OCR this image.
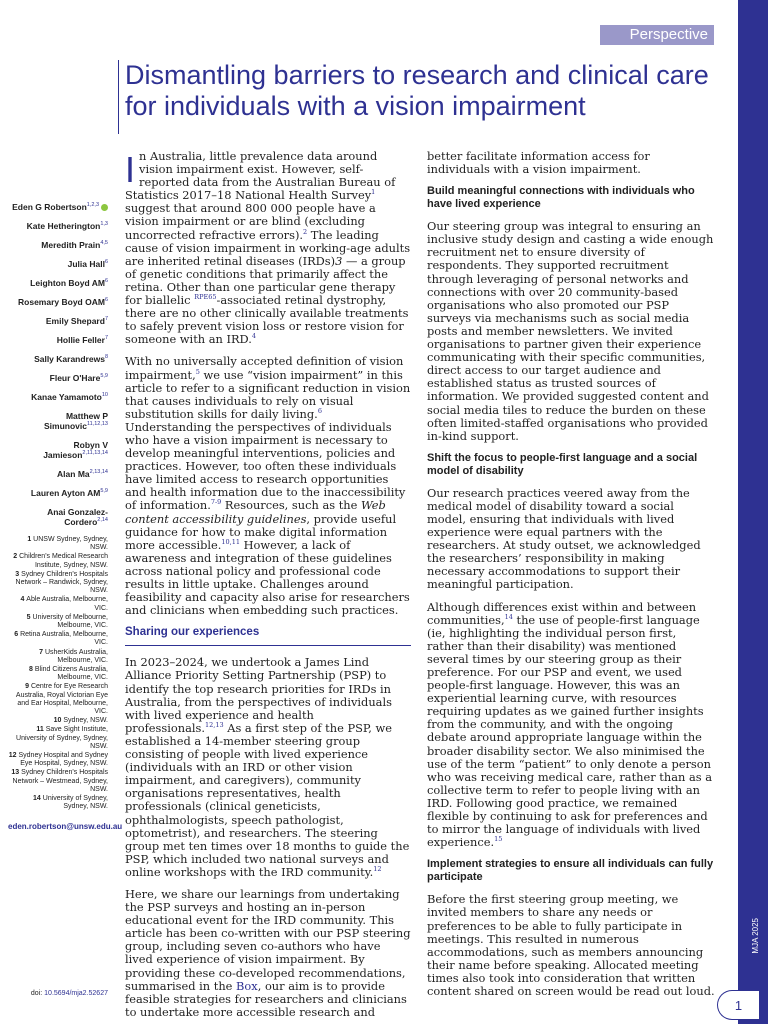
MJA 2025
Perspective
1
Dismantling barriers to research and clinical care for individuals with a vision impairment
Eden G Robertson$^{1,2,3}$
Kate Hetherington$^{1,3}$
Meredith Prain$^{4,5}$
Julia Hall$^6$
Leighton Boyd $AM^6$
Rosemary Boyd OAM$^6$
Emily Shepard$^7$
Hollie Feller$^7$
Sally Karandrews$^8$
Fleur O'Hare$^{5,9}$
Kanae Yamamoto$^{10}$
Matthew P Simunovic$^{11,12,13}$
Robyn V Jamieson$^{2,11,13,14}$
Alan Ma$^{2,13,14}$
Lauren Ayton AM$^{5,9}$
Anai Gonzalez-Cordero$^{2,14}$
1 UNSW Sydney, Sydney, NSW.
2 Children's Medical Research Institute, Sydney, NSW.
3 Sydney Children's Hospitals Network – Randwick, Sydney, NSW.
4 Able Australia, Melbourne, VIC.
5 University of Melbourne, Melbourne, VIC.
6 Retina Australia, Melbourne, VIC.
7 UsherKids Australia, Melbourne, VIC.
8 Blind Citizens Australia, Melbourne, VIC.
9 Centre for Eye Research Australia, Royal Victorian Eye and Ear Hospital, Melbourne, VIC.
10 Sydney, NSW.
11 Save Sight Institute, University of Sydney, Sydney, NSW.
12 Sydney Hospital and Sydney Eye Hospital, Sydney, NSW.
13 Sydney Children's Hospitals Network – Westmead, Sydney, NSW.
14 University of Sydney, Sydney, NSW.
eden.robertson@unsw.edu.au
doi: 10.5694/mja2.52627

In Australia, little prevalence data around vision impairment exist. However, self-reported data from the Australian Bureau of Statistics 2017–18 National Health Survey$^1$ suggest that around 800 000 people have a vision impairment or are blind (excluding uncorrected refractive errors).$^2$ The leading cause of vision impairment in working-age adults are inherited retinal diseases (IRDs)3 — a group of genetic conditions that primarily affect the retina. Other than one particular gene therapy for biallelic $^{RPE65}$-associated retinal dystrophy, there are no other clinically available treatments to safely prevent vision loss or restore vision for someone with an IRD.$^4$

With no universally accepted definition of vision impairment,$^5$ we use “vision impairment” in this article to refer to a significant reduction in vision that causes individuals to rely on visual substitution skills for daily living.$^6$ Understanding the perspectives of individuals who have a vision impairment is necessary to develop meaningful interventions, policies and practices. However, too often these individuals have limited access to research opportunities and health information due to the inaccessibility of information.$^{7-9}$ Resources, such as the Web content accessibility guidelines, provide useful guidance for how to make digital information more accessible.$^{10,11}$ However, a lack of awareness and integration of these guidelines across national policy and professional code results in little uptake. Challenges around feasibility and capacity also arise for researchers and clinicians when embedding such practices.

Sharing our experiences

In 2023–2024, we undertook a James Lind Alliance Priority Setting Partnership (PSP) to identify the top research priorities for IRDs in Australia, from the perspectives of individuals with lived experience and health professionals.$^{12,13}$ As a first step of the PSP, we established a 14-member steering group consisting of people with lived experience (individuals with an IRD or other vision impairment, and caregivers), community organisations representatives, health professionals (clinical geneticists, ophthalmologists, speech pathologist, optometrist), and researchers. The steering group met ten times over 18 months to guide the PSP, which included two national surveys and online workshops with the IRD community.$^{12}$

Here, we share our learnings from undertaking the PSP surveys and hosting an in-person educational event for the IRD community. This article has been co-written with our PSP steering group, including seven co-authors who have lived experience of vision impairment. By providing these co-developed recommendations, summarised in the Box, our aim is to provide feasible strategies for researchers and clinicians to undertake more accessible research and

better facilitate information access for individuals with a vision impairment.

Build meaningful connections with individuals who have lived experience

Our steering group was integral to ensuring an inclusive study design and casting a wide enough recruitment net to ensure diversity of respondents. They supported recruitment through leveraging of personal networks and connections with over 20 community-based organisations who also promoted our PSP surveys via mechanisms such as social media posts and member newsletters. We invited organisations to partner given their experience communicating with their specific communities, direct access to our target audience and established status as trusted sources of information. We provided suggested content and social media tiles to reduce the burden on these often limited-staffed organisations who provided in-kind support.

Shift the focus to people-first language and a social model of disability

Our research practices veered away from the medical model of disability toward a social model, ensuring that individuals with lived experience were equal partners with the researchers. At study outset, we acknowledged the researchers’ responsibility in making necessary accommodations to support their meaningful participation.

Although differences exist within and between communities,$^{14}$ the use of people-first language (ie, highlighting the individual person first, rather than their disability) was mentioned several times by our steering group as their preference. For our PSP and event, we used people-first language. However, this was an experiential learning curve, with resources requiring updates as we gained further insights from the community, and with the ongoing debate around appropriate language within the broader disability sector. We also minimised the use of the term “patient” to only denote a person who was receiving medical care, rather than as a collective term to refer to people living with an IRD. Following good practice, we remained flexible by continuing to ask for preferences and to mirror the language of individuals with lived experience.$^{15}$

Implement strategies to ensure all individuals can fully participate

Before the first steering group meeting, we invited members to share any needs or preferences to be able to fully participate in meetings. This resulted in numerous accommodations, such as members announcing their name before speaking. Allocated meeting times also took into consideration that written content shared on screen would be read out loud.
